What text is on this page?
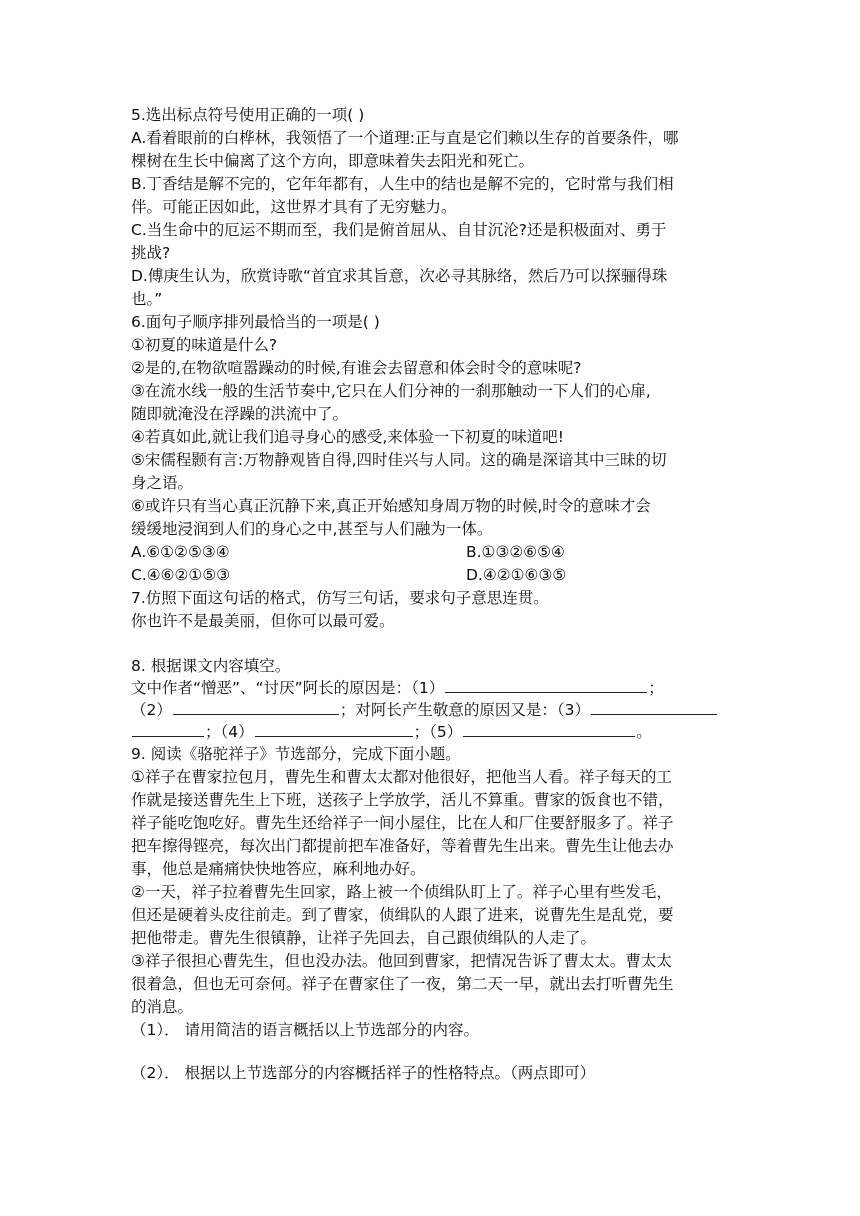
5.选出标点符号使用正确的一项( )
A.看着眼前的白桦林，我领悟了一个道理:正与直是它们赖以生存的首要条件，哪
棵树在生长中偏离了这个方向，即意味着失去阳光和死亡。
B.丁香结是解不完的，它年年都有，人生中的结也是解不完的，它时常与我们相
伴。可能正因如此，这世界才具有了无穷魅力。
C.当生命中的厄运不期而至，我们是俯首屈从、自甘沉沦?还是积极面对、勇于
挑战?
D.傅庚生认为，欣赏诗歌“首宜求其旨意，次必寻其脉络，然后乃可以探骊得珠
也。”
6.面句子顺序排列最恰当的一项是( )
①初夏的味道是什么?
②是的,在物欲喧嚣躁动的时候,有谁会去留意和体会时令的意味呢?
③在流水线一般的生活节奏中,它只在人们分神的一刹那触动一下人们的心扉,
随即就淹没在浮躁的洪流中了。
④若真如此,就让我们追寻身心的感受,来体验一下初夏的味道吧!
⑤宋儒程颢有言:万物静观皆自得,四时佳兴与人同。这的确是深谙其中三昧的切
身之语。
⑥或许只有当心真正沉静下来,真正开始感知身周万物的时候,时令的意味才会
缓缓地浸润到人们的身心之中,甚至与人们融为一体。
A.⑥①②⑤③④	B.①③②⑥⑤④
C.④⑥②①⑤③	D.④②①⑥③⑤
7.仿照下面这句话的格式，仿写三句话，要求句子意思连贯。
你也许不是最美丽，但你可以最可爱。
8. 根据课文内容填空。
文中作者“憎恶”、“讨厌”阿长的原因是：（1）	；
（2）	；对阿长产生敬意的原因又是：（3）
；（4）	；（5）	。
9. 阅读《骆驼祥子》节选部分，完成下面小题。
①祥子在曹家拉包月，曹先生和曹太太都对他很好，把他当人看。祥子每天的工
作就是接送曹先生上下班，送孩子上学放学，活儿不算重。曹家的饭食也不错，
祥子能吃饱吃好。曹先生还给祥子一间小屋住，比在人和厂住要舒服多了。祥子
把车擦得铿亮，每次出门都提前把车准备好，等着曹先生出来。曹先生让他去办
事，他总是痛痛快快地答应，麻利地办好。
②一天，祥子拉着曹先生回家，路上被一个侦缉队盯上了。祥子心里有些发毛，
但还是硬着头皮往前走。到了曹家，侦缉队的人跟了进来，说曹先生是乱党，要
把他带走。曹先生很镇静，让祥子先回去，自己跟侦缉队的人走了。
③祥子很担心曹先生，但也没办法。他回到曹家，把情况告诉了曹太太。曹太太
很着急，但也无可奈何。祥子在曹家住了一夜，第二天一早，就出去打听曹先生
的消息。
（1）． 请用简洁的语言概括以上节选部分的内容。
（2）． 根据以上节选部分的内容概括祥子的性格特点。（两点即可）
